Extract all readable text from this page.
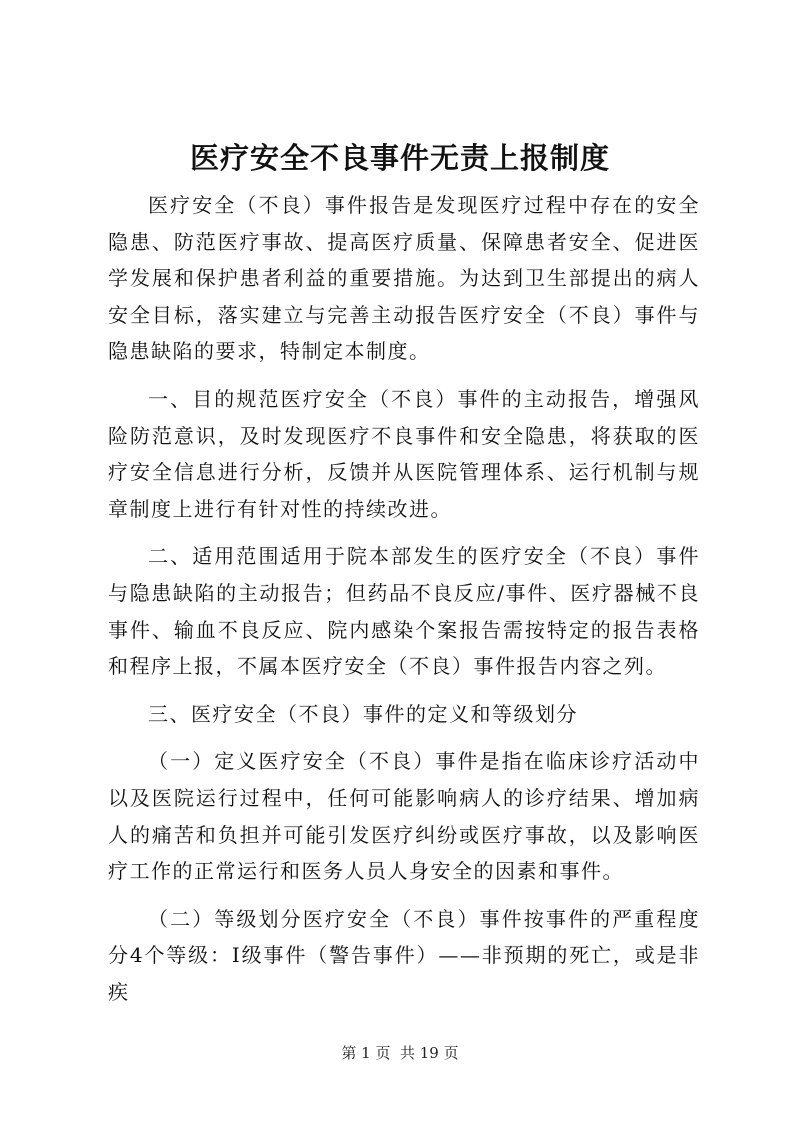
医疗安全不良事件无责上报制度

医疗安全（不良）事件报告是发现医疗过程中存在的安全隐患、防范医疗事故、提高医疗质量、保障患者安全、促进医学发展和保护患者利益的重要措施。为达到卫生部提出的病人安全目标，落实建立与完善主动报告医疗安全（不良）事件与隐患缺陷的要求，特制定本制度。

一、目的规范医疗安全（不良）事件的主动报告，增强风险防范意识，及时发现医疗不良事件和安全隐患，将获取的医疗安全信息进行分析，反馈并从医院管理体系、运行机制与规章制度上进行有针对性的持续改进。

二、适用范围适用于院本部发生的医疗安全（不良）事件与隐患缺陷的主动报告；但药品不良反应/事件、医疗器械不良事件、输血不良反应、院内感染个案报告需按特定的报告表格和程序上报，不属本医疗安全（不良）事件报告内容之列。

三、医疗安全（不良）事件的定义和等级划分

（一）定义医疗安全（不良）事件是指在临床诊疗活动中以及医院运行过程中，任何可能影响病人的诊疗结果、增加病人的痛苦和负担并可能引发医疗纠纷或医疗事故，以及影响医疗工作的正常运行和医务人员人身安全的因素和事件。

（二）等级划分医疗安全（不良）事件按事件的严重程度分4个等级：Ⅰ级事件（警告事件）——非预期的死亡，或是非疾

第 1 页  共 19 页
